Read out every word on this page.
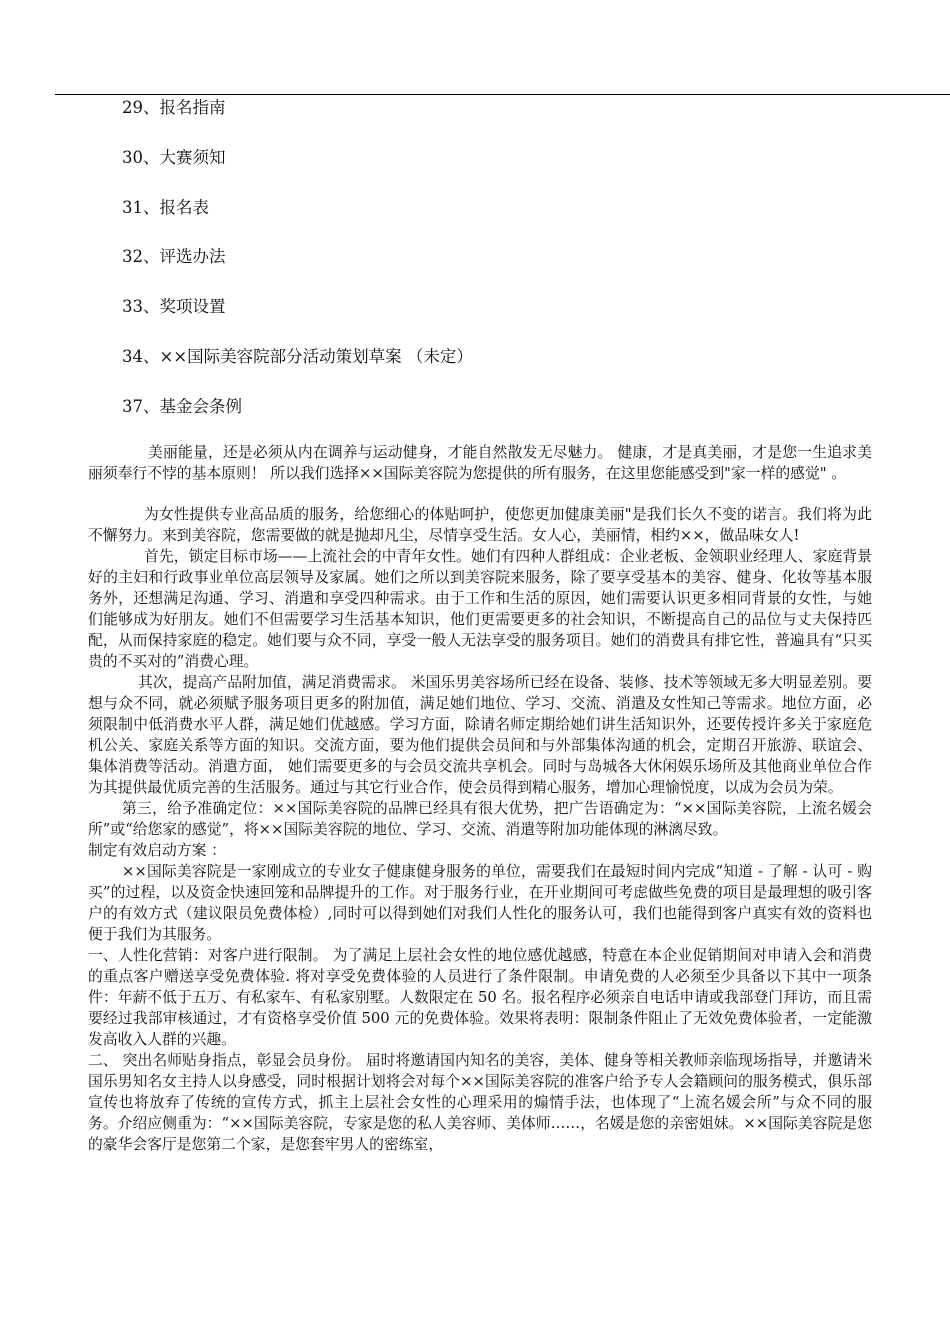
29、报名指南
30、大赛须知
31、报名表
32、评选办法
33、奖项设置
34、××国际美容院部分活动策划草案 （未定）
37、基金会条例

美丽能量，还是必须从内在调养与运动健身，才能自然散发无尽魅力。 健康，才是真美丽，才是您一生追求美丽须奉行不悖的基本原则！ 所以我们选择××国际美容院为您提供的所有服务，在这里您能感受到"家一样的感觉" 。

为女性提供专业高品质的服务，给您细心的体贴呵护，使您更加健康美丽"是我们长久不变的诺言。我们将为此不懈努力。来到美容院，您需要做的就是抛却凡尘，尽情享受生活。女人心，美丽情，相约××，做品味女人!

首先，锁定目标市场——上流社会的中青年女性。她们有四种人群组成：企业老板、金领职业经理人、家庭背景好的主妇和行政事业单位高层领导及家属。她们之所以到美容院来服务，除了要享受基本的美容、健身、化妆等基本服务外，还想满足沟通、学习、消遣和享受四种需求。由于工作和生活的原因，她们需要认识更多相同背景的女性，与她们能够成为好朋友。她们不但需要学习生活基本知识，他们更需要更多的社会知识，不断提高自己的品位与丈夫保持匹配，从而保持家庭的稳定。她们要与众不同，享受一般人无法享受的服务项目。她们的消费具有排它性，普遍具有“只买贵的不买对的”消费心理。

其次，提高产品附加值，满足消费需求。 米国乐男美容场所已经在设备、装修、技术等领域无多大明显差别。要想与众不同，就必须赋予服务项目更多的附加值，满足她们地位、学习、交流、消遣及女性知己等需求。地位方面，必须限制中低消费水平人群，满足她们优越感。学习方面，除请名师定期给她们讲生活知识外，还要传授许多关于家庭危机公关、家庭关系等方面的知识。交流方面，要为他们提供会员间和与外部集体沟通的机会，定期召开旅游、联谊会、集体消费等活动。消遣方面， 她们需要更多的与会员交流共享机会。同时与岛城各大休闲娱乐场所及其他商业单位合作为其提供最优质完善的生活服务。通过与其它行业合作，使会员得到精心服务，增加心理愉悦度，以成为会员为荣。

第三，给予准确定位：××国际美容院的品牌已经具有很大优势，把广告语确定为：“××国际美容院，上流名媛会所”或“给您家的感觉”，将××国际美容院的地位、学习、交流、消遣等附加功能体现的淋漓尽致。

制定有效启动方案 ：

××国际美容院是一家刚成立的专业女子健康健身服务的单位，需要我们在最短时间内完成“知道 - 了解 - 认可 - 购买”的过程，以及资金快速回笼和品牌提升的工作。对于服务行业，在开业期间可考虑做些免费的项目是最理想的吸引客户的有效方式（建议限员免费体检）,同时可以得到她们对我们人性化的服务认可，我们也能得到客户真实有效的资料也便于我们为其服务。

一、人性化营销：对客户进行限制。 为了满足上层社会女性的地位感优越感，特意在本企业促销期间对申请入会和消费的重点客户赠送享受免费体验. 将对享受免费体验的人员进行了条件限制。申请免费的人必须至少具备以下其中一项条件：年薪不低于五万、有私家车、有私家别墅。人数限定在 50 名。报名程序必须亲自电话申请或我部登门拜访，而且需要经过我部审核通过，才有资格享受价值 500 元的免费体验。效果将表明：限制条件阻止了无效免费体验者，一定能激发高收入人群的兴趣。

二、 突出名师贴身指点，彰显会员身份。 届时将邀请国内知名的美容，美体、健身等相关教师亲临现场指导，并邀请米国乐男知名女主持人以身感受，同时根据计划将会对每个××国际美容院的准客户给予专人会籍顾问的服务模式，俱乐部宣传也将放弃了传统的宣传方式，抓主上层社会女性的心理采用的煽情手法，也体现了“上流名媛会所”与众不同的服务。介绍应侧重为：“××国际美容院，专家是您的私人美容师、美体师……，名媛是您的亲密姐妹。××国际美容院是您的豪华会客厅是您第二个家，是您套牢男人的密练室，
